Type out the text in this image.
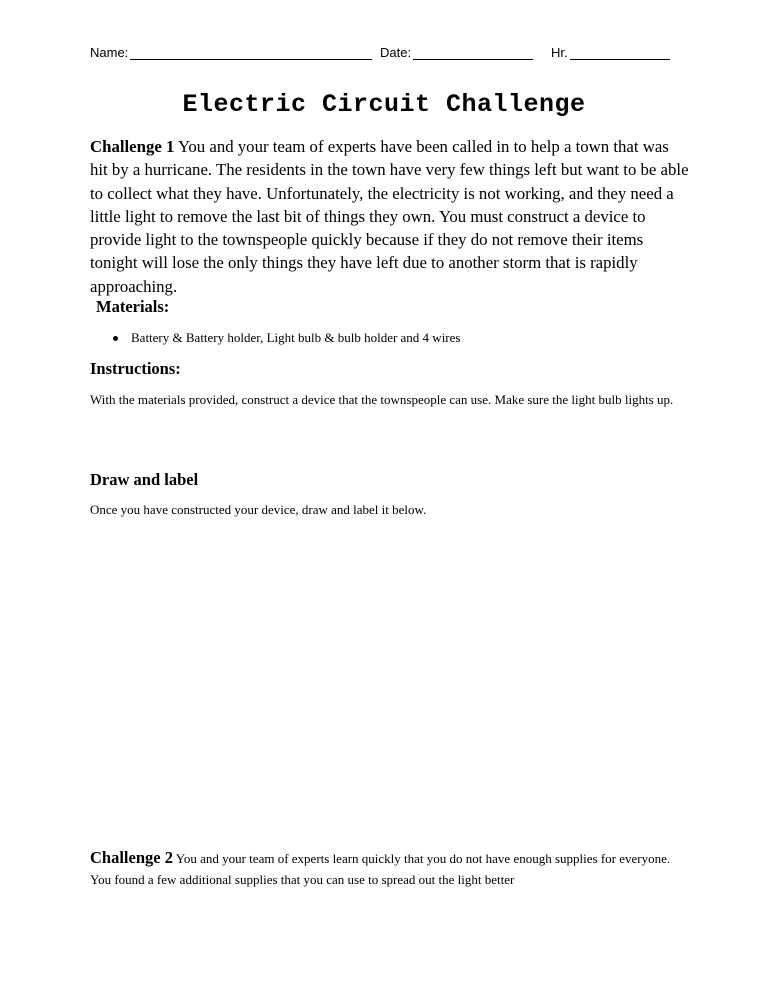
Name:	Date:	Hr.
Electric Circuit Challenge
Challenge 1 You and your team of experts have been called in to help a town that was hit by a hurricane. The residents in the town have very few things left but want to be able to collect what they have. Unfortunately, the electricity is not working, and they need a little light to remove the last bit of things they own. You must construct a device to provide light to the townspeople quickly because if they do not remove their items tonight will lose the only things they have left due to another storm that is rapidly approaching.
Materials:
Battery & Battery holder, Light bulb & bulb holder and 4 wires
Instructions:
With the materials provided, construct a device that the townspeople can use. Make sure the light bulb lights up.
Draw and label
Once you have constructed your device, draw and label it below.
Challenge 2 You and your team of experts learn quickly that you do not have enough supplies for everyone. You found a few additional supplies that you can use to spread out the light better
